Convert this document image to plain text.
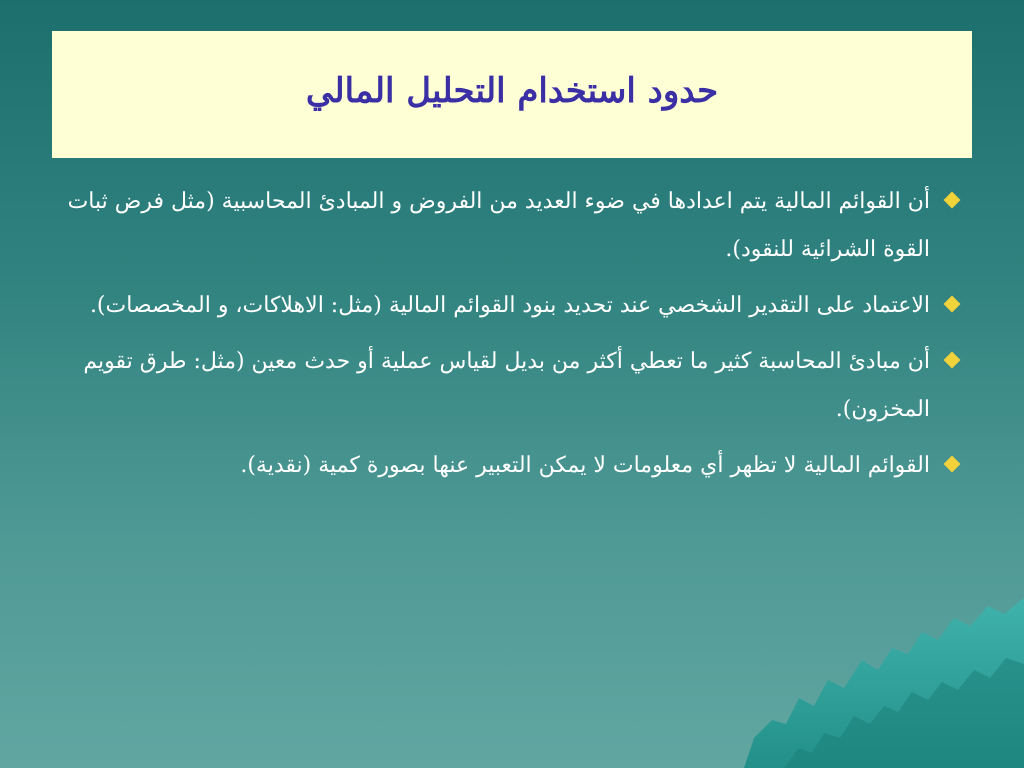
حدود استخدام التحليل المالي
أن القوائم المالية يتم اعدادها في ضوء العديد من الفروض و المبادئ المحاسبية (مثل فرض ثبات القوة الشرائية للنقود).
الاعتماد على التقدير الشخصي عند تحديد بنود القوائم المالية (مثل: الاهلاكات، و المخصصات).
أن مبادئ المحاسبة كثير ما تعطي أكثر من بديل لقياس عملية أو حدث معين (مثل: طرق تقويم المخزون).
القوائم المالية لا تظهر أي معلومات لا يمكن التعبير عنها بصورة كمية (نقدية).
